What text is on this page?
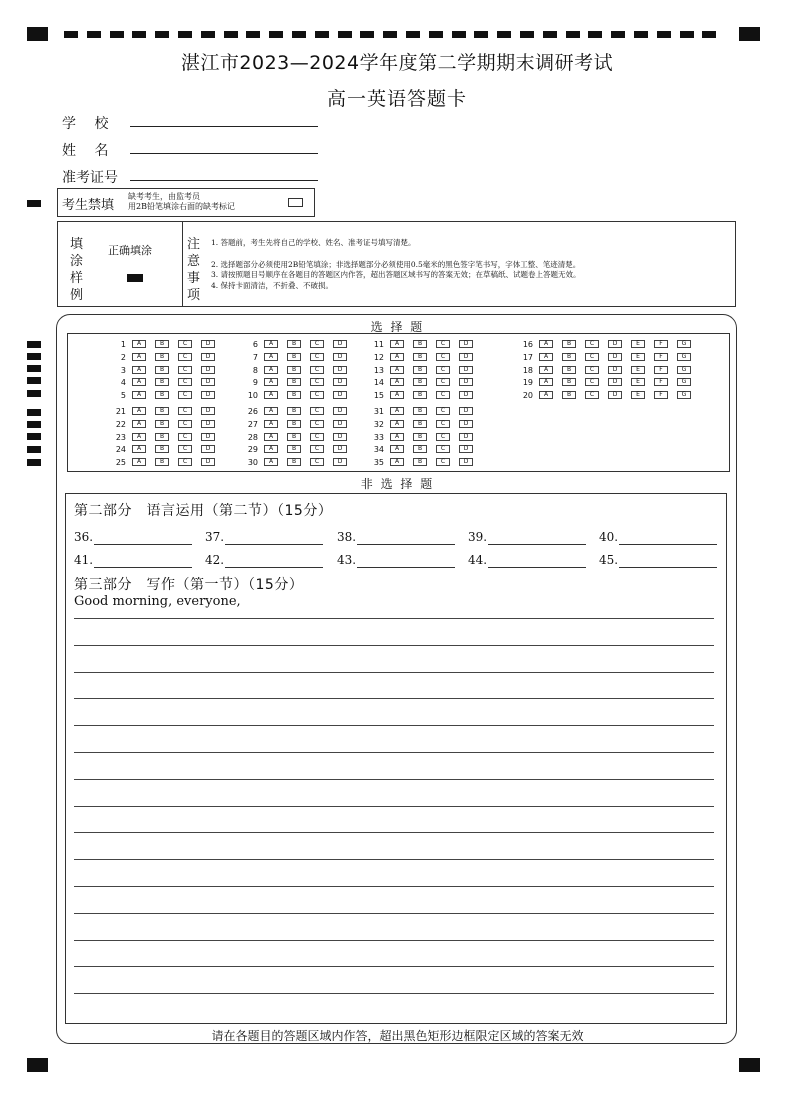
湛江市2023—2024学年度第二学期期末调研考试
高一英语答题卡
学　 校
姓　 名
准考证号
考生禁填
缺考考生，由监考员
用2B铅笔填涂右面的缺考标记
填
涂
样
例
正确填涂	注
意
事
项
1. 答题前，考生先将自己的学校、姓名、准考证号填写清楚。
2. 选择题部分必须使用2B铅笔填涂；非选择题部分必须使用0.5毫米的黑色签字笔书写，字体工整、笔迹清楚。
3. 请按照题目号顺序在各题目的答题区内作答，超出答题区域书写的答案无效；在草稿纸、试题卷上答题无效。
4. 保持卡面清洁，不折叠、不破损。
选 择 题
1	A	B	C	D
2	A	B	C	D
3	A	B	C	D
4	A	B	C	D
5	A	B	C	D
6	A	B	C	D
7	A	B	C	D
8	A	B	C	D
9	A	B	C	D
10	A	B	C	D
11	A	B	C	D
12	A	B	C	D
13	A	B	C	D
14	A	B	C	D
15	A	B	C	D
16	A	B	C	D	E	F	G
17	A	B	C	D	E	F	G
18	A	B	C	D	E	F	G
19	A	B	C	D	E	F	G
20	A	B	C	D	E	F	G
21	A	B	C	D
22	A	B	C	D
23	A	B	C	D
24	A	B	C	D
25	A	B	C	D
26	A	B	C	D
27	A	B	C	D
28	A	B	C	D
29	A	B	C	D
30	A	B	C	D
31	A	B	C	D
32	A	B	C	D
33	A	B	C	D
34	A	B	C	D
35	A	B	C	D
非 选 择 题
第二部分　语言运用（第二节）（15分）
36.	37.	38.	39.	40.
41.	42.	43.	44.	45.
第三部分　写作（第一节）（15分）
Good morning, everyone,
请在各题目的答题区域内作答，超出黑色矩形边框限定区域的答案无效
